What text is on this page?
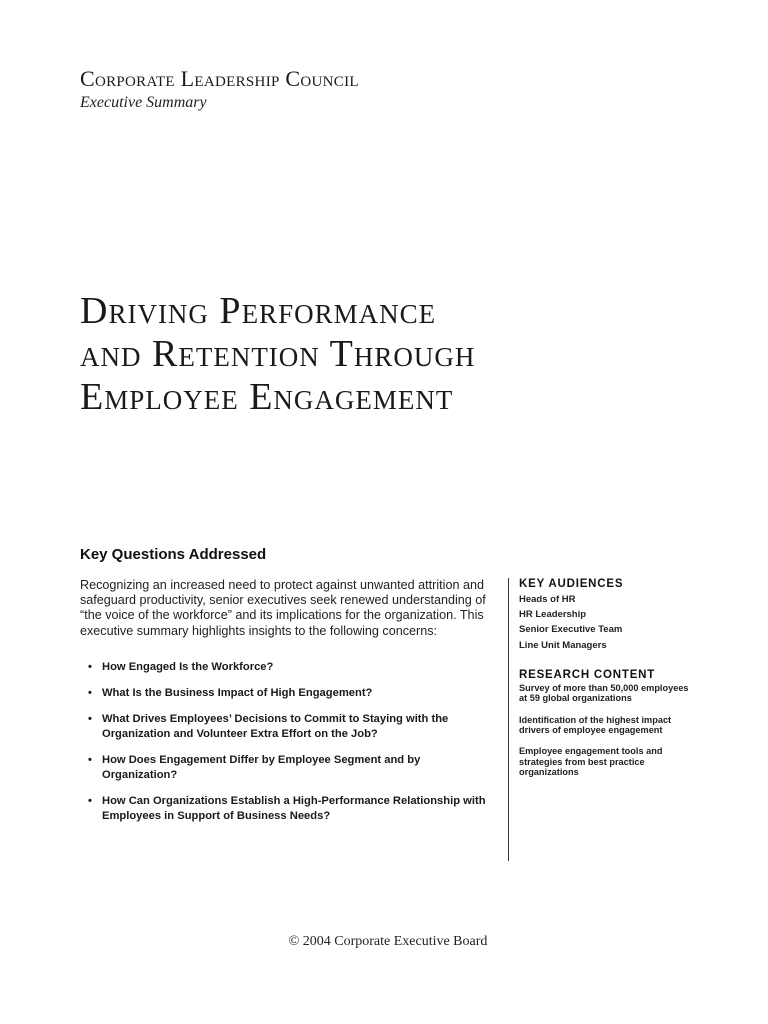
Corporate Leadership Council
Executive Summary
Driving Performance
and Retention Through
Employee Engagement
Key Questions Addressed
Recognizing an increased need to protect against unwanted attrition and safeguard productivity, senior executives seek renewed understanding of “the voice of the workforce” and its implications for the organization. This executive summary highlights insights to the following concerns:
• How Engaged Is the Workforce?
• What Is the Business Impact of High Engagement?
• What Drives Employees’ Decisions to Commit to Staying with the Organization and Volunteer Extra Effort on the Job?
• How Does Engagement Differ by Employee Segment and by Organization?
• How Can Organizations Establish a High-Performance Relationship with Employees in Support of Business Needs?
KEY AUDIENCES
Heads of HR
HR Leadership
Senior Executive Team
Line Unit Managers
RESEARCH CONTENT
Survey of more than 50,000 employees at 59 global organizations
Identification of the highest impact drivers of employee engagement
Employee engagement tools and strategies from best practice organizations
© 2004 Corporate Executive Board
